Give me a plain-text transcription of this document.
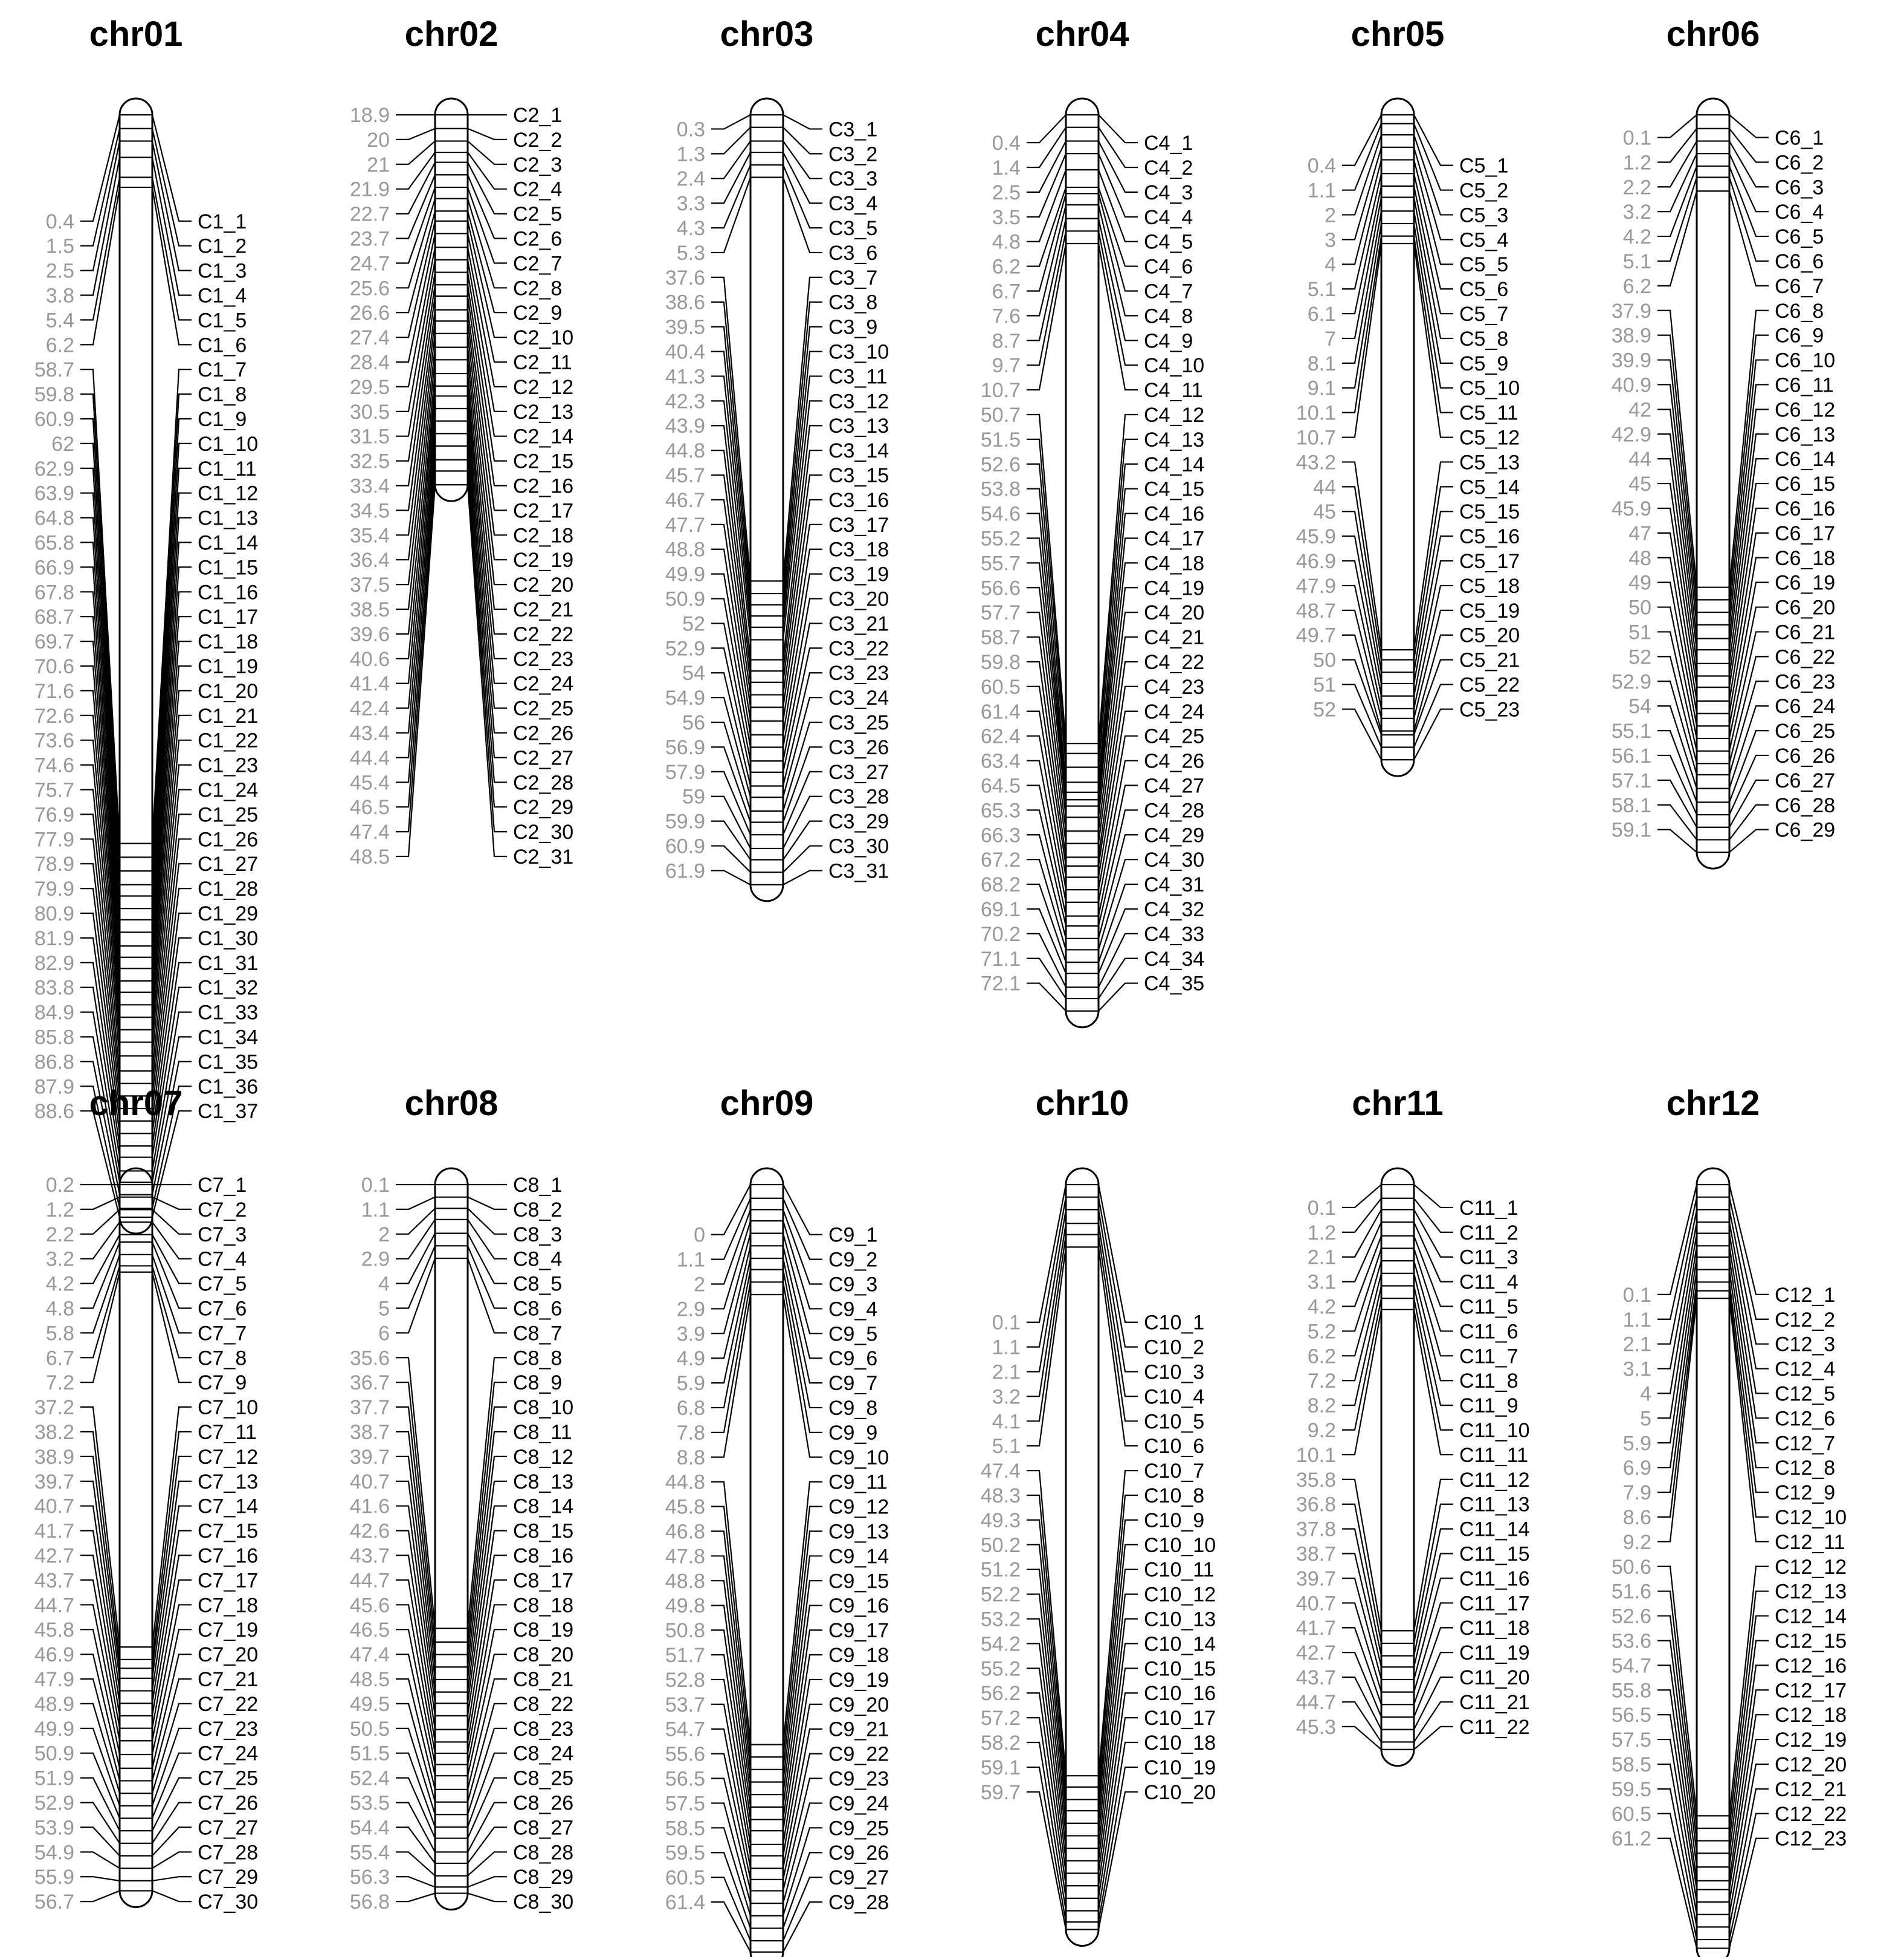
chr01
0.4	C1_1
1.5	C1_2
2.5	C1_3
3.8	C1_4
5.4	C1_5
6.2	C1_6
58.7	C1_7
59.8	C1_8
60.9	C1_9
62	C1_10
62.9	C1_11
63.9	C1_12
64.8	C1_13
65.8	C1_14
66.9	C1_15
67.8	C1_16
68.7	C1_17
69.7	C1_18
70.6	C1_19
71.6	C1_20
72.6	C1_21
73.6	C1_22
74.6	C1_23
75.7	C1_24
76.9	C1_25
77.9	C1_26
78.9	C1_27
79.9	C1_28
80.9	C1_29
81.9	C1_30
82.9	C1_31
83.8	C1_32
84.9	C1_33
85.8	C1_34
86.8	C1_35
87.9	C1_36
88.6	C1_37
chr02
18.9	C2_1
20	C2_2
21	C2_3
21.9	C2_4
22.7	C2_5
23.7	C2_6
24.7	C2_7
25.6	C2_8
26.6	C2_9
27.4	C2_10
28.4	C2_11
29.5	C2_12
30.5	C2_13
31.5	C2_14
32.5	C2_15
33.4	C2_16
34.5	C2_17
35.4	C2_18
36.4	C2_19
37.5	C2_20
38.5	C2_21
39.6	C2_22
40.6	C2_23
41.4	C2_24
42.4	C2_25
43.4	C2_26
44.4	C2_27
45.4	C2_28
46.5	C2_29
47.4	C2_30
48.5	C2_31
chr03
0.3	C3_1
1.3	C3_2
2.4	C3_3
3.3	C3_4
4.3	C3_5
5.3	C3_6
37.6	C3_7
38.6	C3_8
39.5	C3_9
40.4	C3_10
41.3	C3_11
42.3	C3_12
43.9	C3_13
44.8	C3_14
45.7	C3_15
46.7	C3_16
47.7	C3_17
48.8	C3_18
49.9	C3_19
50.9	C3_20
52	C3_21
52.9	C3_22
54	C3_23
54.9	C3_24
56	C3_25
56.9	C3_26
57.9	C3_27
59	C3_28
59.9	C3_29
60.9	C3_30
61.9	C3_31
chr04
0.4	C4_1
1.4	C4_2
2.5	C4_3
3.5	C4_4
4.8	C4_5
6.2	C4_6
6.7	C4_7
7.6	C4_8
8.7	C4_9
9.7	C4_10
10.7	C4_11
50.7	C4_12
51.5	C4_13
52.6	C4_14
53.8	C4_15
54.6	C4_16
55.2	C4_17
55.7	C4_18
56.6	C4_19
57.7	C4_20
58.7	C4_21
59.8	C4_22
60.5	C4_23
61.4	C4_24
62.4	C4_25
63.4	C4_26
64.5	C4_27
65.3	C4_28
66.3	C4_29
67.2	C4_30
68.2	C4_31
69.1	C4_32
70.2	C4_33
71.1	C4_34
72.1	C4_35
chr05
0.4	C5_1
1.1	C5_2
2	C5_3
3	C5_4
4	C5_5
5.1	C5_6
6.1	C5_7
7	C5_8
8.1	C5_9
9.1	C5_10
10.1	C5_11
10.7	C5_12
43.2	C5_13
44	C5_14
45	C5_15
45.9	C5_16
46.9	C5_17
47.9	C5_18
48.7	C5_19
49.7	C5_20
50	C5_21
51	C5_22
52	C5_23
chr06
0.1	C6_1
1.2	C6_2
2.2	C6_3
3.2	C6_4
4.2	C6_5
5.1	C6_6
6.2	C6_7
37.9	C6_8
38.9	C6_9
39.9	C6_10
40.9	C6_11
42	C6_12
42.9	C6_13
44	C6_14
45	C6_15
45.9	C6_16
47	C6_17
48	C6_18
49	C6_19
50	C6_20
51	C6_21
52	C6_22
52.9	C6_23
54	C6_24
55.1	C6_25
56.1	C6_26
57.1	C6_27
58.1	C6_28
59.1	C6_29
chr07
0.2	C7_1
1.2	C7_2
2.2	C7_3
3.2	C7_4
4.2	C7_5
4.8	C7_6
5.8	C7_7
6.7	C7_8
7.2	C7_9
37.2	C7_10
38.2	C7_11
38.9	C7_12
39.7	C7_13
40.7	C7_14
41.7	C7_15
42.7	C7_16
43.7	C7_17
44.7	C7_18
45.8	C7_19
46.9	C7_20
47.9	C7_21
48.9	C7_22
49.9	C7_23
50.9	C7_24
51.9	C7_25
52.9	C7_26
53.9	C7_27
54.9	C7_28
55.9	C7_29
56.7	C7_30
chr08
0.1	C8_1
1.1	C8_2
2	C8_3
2.9	C8_4
4	C8_5
5	C8_6
6	C8_7
35.6	C8_8
36.7	C8_9
37.7	C8_10
38.7	C8_11
39.7	C8_12
40.7	C8_13
41.6	C8_14
42.6	C8_15
43.7	C8_16
44.7	C8_17
45.6	C8_18
46.5	C8_19
47.4	C8_20
48.5	C8_21
49.5	C8_22
50.5	C8_23
51.5	C8_24
52.4	C8_25
53.5	C8_26
54.4	C8_27
55.4	C8_28
56.3	C8_29
56.8	C8_30
chr09
0	C9_1
1.1	C9_2
2	C9_3
2.9	C9_4
3.9	C9_5
4.9	C9_6
5.9	C9_7
6.8	C9_8
7.8	C9_9
8.8	C9_10
44.8	C9_11
45.8	C9_12
46.8	C9_13
47.8	C9_14
48.8	C9_15
49.8	C9_16
50.8	C9_17
51.7	C9_18
52.8	C9_19
53.7	C9_20
54.7	C9_21
55.6	C9_22
56.5	C9_23
57.5	C9_24
58.5	C9_25
59.5	C9_26
60.5	C9_27
61.4	C9_28
chr10
0.1	C10_1
1.1	C10_2
2.1	C10_3
3.2	C10_4
4.1	C10_5
5.1	C10_6
47.4	C10_7
48.3	C10_8
49.3	C10_9
50.2	C10_10
51.2	C10_11
52.2	C10_12
53.2	C10_13
54.2	C10_14
55.2	C10_15
56.2	C10_16
57.2	C10_17
58.2	C10_18
59.1	C10_19
59.7	C10_20
chr11
0.1	C11_1
1.2	C11_2
2.1	C11_3
3.1	C11_4
4.2	C11_5
5.2	C11_6
6.2	C11_7
7.2	C11_8
8.2	C11_9
9.2	C11_10
10.1	C11_11
35.8	C11_12
36.8	C11_13
37.8	C11_14
38.7	C11_15
39.7	C11_16
40.7	C11_17
41.7	C11_18
42.7	C11_19
43.7	C11_20
44.7	C11_21
45.3	C11_22
chr12
0.1	C12_1
1.1	C12_2
2.1	C12_3
3.1	C12_4
4	C12_5
5	C12_6
5.9	C12_7
6.9	C12_8
7.9	C12_9
8.6	C12_10
9.2	C12_11
50.6	C12_12
51.6	C12_13
52.6	C12_14
53.6	C12_15
54.7	C12_16
55.8	C12_17
56.5	C12_18
57.5	C12_19
58.5	C12_20
59.5	C12_21
60.5	C12_22
61.2	C12_23
